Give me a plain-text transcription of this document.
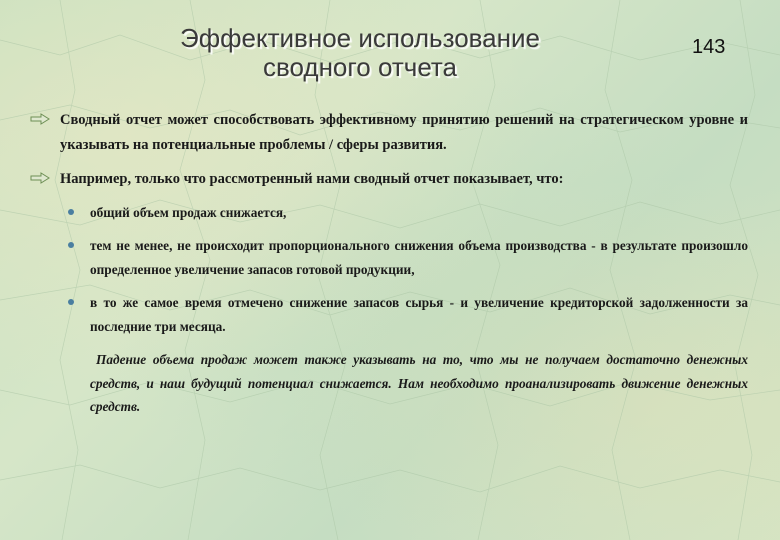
Эффективное использование
сводного отчета
143
Сводный отчет может способствовать эффективному принятию решений на стратегическом уровне и указывать на потенциальные проблемы / сферы развития.
Например, только что рассмотренный нами сводный отчет показывает, что:
общий объем продаж снижается,
тем не менее, не происходит пропорционального снижения объема производства - в результате произошло определенное увеличение запасов готовой продукции,
в то же самое время отмечено снижение запасов сырья - и увеличение кредиторской задолженности за последние три месяца.
Падение объема продаж может также указывать на то, что мы не получаем достаточно денежных средств, и наш будущий потенциал снижается. Нам необходимо проанализировать движение денежных средств.
